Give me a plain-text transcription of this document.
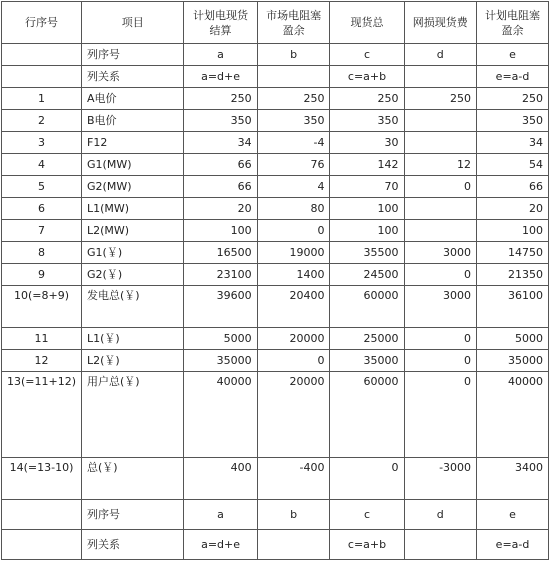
行序号	项目	计划电现货结算	市场电阻塞盈余	现货总	网损现货费	计划电阻塞盈余
	列序号	a	b	c	d	e
	列关系	a=d+e		c=a+b		e=a-d
1	A电价	250	250	250	250	250
2	B电价	350	350	350		350
3	F12	34	-4	30		34
4	G1(MW)	66	76	142	12	54
5	G2(MW)	66	4	70	0	66
6	L1(MW)	20	80	100		20
7	L2(MW)	100	0	100		100
8	G1(￥)	16500	19000	35500	3000	14750
9	G2(￥)	23100	1400	24500	0	21350
10(=8+9)	发电总(￥)	39600	20400	60000	3000	36100
11	L1(￥)	5000	20000	25000	0	5000
12	L2(￥)	35000	0	35000	0	35000
13(=11+12)	用户总(￥)	40000	20000	60000	0	40000
14(=13-10)	总(￥)	400	-400	0	-3000	3400
	列序号	a	b	c	d	e
	列关系	a=d+e		c=a+b		e=a-d
